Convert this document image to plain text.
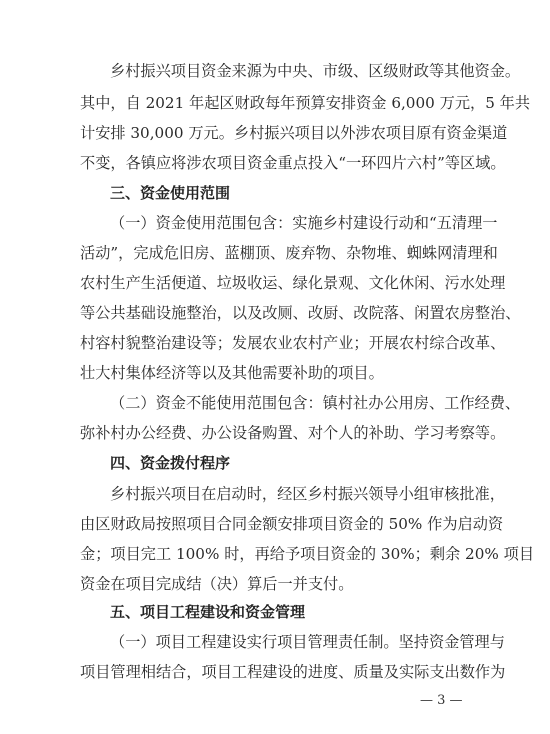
乡村振兴项目资金来源为中央、市级、区级财政等其他资金。
其中，自 2021 年起区财政每年预算安排资金 6,000 万元，5 年共
计安排 30,000 万元。乡村振兴项目以外涉农项目原有资金渠道
不变，各镇应将涉农项目资金重点投入“一环四片六村”等区域。
三、资金使用范围
（一）资金使用范围包含：实施乡村建设行动和“五清理一
活动”，完成危旧房、蓝棚顶、废弃物、杂物堆、蜘蛛网清理和
农村生产生活便道、垃圾收运、绿化景观、文化休闲、污水处理
等公共基础设施整治，以及改厕、改厨、改院落、闲置农房整治、
村容村貌整治建设等；发展农业农村产业；开展农村综合改革、
壮大村集体经济等以及其他需要补助的项目。
（二）资金不能使用范围包含：镇村社办公用房、工作经费、
弥补村办公经费、办公设备购置、对个人的补助、学习考察等。
四、资金拨付程序
乡村振兴项目在启动时，经区乡村振兴领导小组审核批准，
由区财政局按照项目合同金额安排项目资金的 50% 作为启动资
金；项目完工 100% 时，再给予项目资金的 30%；剩余 20% 项目
资金在项目完成结（决）算后一并支付。
五、项目工程建设和资金管理
（一）项目工程建设实行项目管理责任制。坚持资金管理与
项目管理相结合，项目工程建设的进度、质量及实际支出数作为
— 3 —
